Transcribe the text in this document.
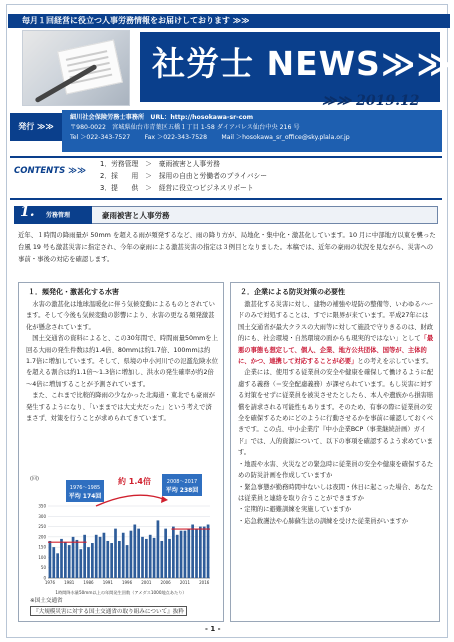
毎月１回経営に役立つ人事労務情報をお届けしております ≫≫
社労士 NEWS≫≫
≫≫ 2019.12
発行 ≫≫
細川社会保険労務士事務所　URL：http://hosokawa-sr-com
〒980-0022　宮城県仙台市青葉区五橋１丁目 1-58 ダイアパレス仙台中央 216 号
Tel ＞022-343-7527　　 Fax ＞022-343-7528　　 Mail ＞hosokawa_sr_office@sky.plala.or.jp
CONTENTS ≫≫
1．労務管理　＞　豪雨被害と人事労務
2．採　　用　＞　採用の自由と労働者のプライバシー
3．提　　供　＞　経営に役立つビジネスリポート
1. 労務管理	豪雨被害と人事労務
近年、１時間の降雨量が 50mm を超える雨が頻発するなど、雨の降り方が、局地化・集中化・激甚化しています。10 月に中部地方以東を襲った台風 19 号も激甚災害に指定され、今年の豪雨による激甚災害の指定は３例目となりました。本稿では、近年の豪雨の状況を見ながら、災害への事前・事後の対応を確認します。
１．頻発化・激甚化する水害
　水害の激甚化は地球温暖化に伴う気候変動によるものとされています。そして今後も気候変動の影響により、水害の更なる頻発激甚化が懸念されています。
　国土交通省の資料によると、この30年間で、時間雨量50mmを上回る大雨の発生件数は約1.4倍、80mmは約1.7倍、100mmは約1.7倍に増加しています。そして、県境の中小河川での氾濫危険水位を超える割合は約1.1倍～1.3倍に増加し、洪水の発生確率が約2倍～4倍に増加することが予測されています。
　また、これまで比較的降雨の少なかった北海道・東北でも豪雨が発生するようになり、「いままでは大丈夫だった」という考えで済まさず、対策を行うことが求められてきています。
(回)
1976 1981 1986 1991 1996 2001 2006 2011 2016
0
50
100
150
200
250
300
350
1976～1985
平均 174回
2008～2017
平均 238回
約 1.4倍
1時間降水量50mm以上の年間発生回数（アメダス1000地点あたり）
※国土交通省
『大規模災害に対する国土交通省の取り組みについて』抜粋
２．企業による防災対策の必要性
　激甚化する災害に対し、建物の補強や堤防の整備等、いわゆるハードのみで対処することは、すでに限界が来ています。平成27年には国土交通省が最大クラスの大雨等に対して施設で守りきるのは、財政的にも、社会環境・自然環境の面からも現実的ではない」として「最悪の事態も想定して、個人、企業、地方公共団体、国等が、主体的に、かつ、連携して対応することが必要」との考えを示しています。
　企業には、使用する従業員の安全や健康を確保して働けるように配慮する義務（＝安全配慮義務）が課せられています。もし災害に対する対策をせずに従業員を被災させたとしたら、本人や遺族から損害賠償を請求される可能性もあります。そのため、有事の際に従業員の安全を確保するためにどのように行動させるかを事前に確認しておくべきです。この点、中小企業庁『中小企業BCP（事業継続計画）ガイド』では、人的資源について、以下の事項を確認するよう求めています。
・地震や水害、火災などの緊急時に従業員の安全や健康を確保するための防災計画を作成していますか
・緊急事態が勤務時間中ないしは夜間・休日に起こった場合、あなたは従業員と連絡を取り合うことができますか
・定期的に避難訓練を実施していますか
・応急救護法や心肺蘇生法の訓練を受けた従業員がいますか
- 1 -
